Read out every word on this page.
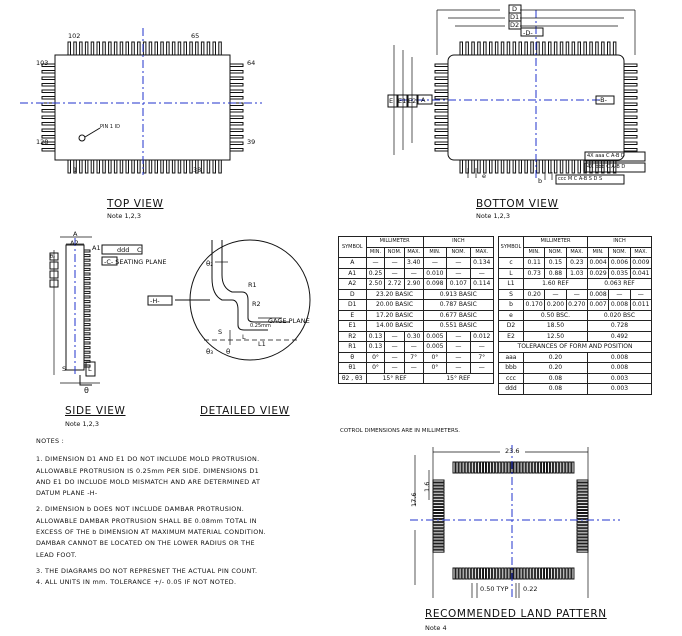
102	65
103	64
128	39
1	38
PIN 1 ID
TOP VIEW
Note 1,2,3
D
D1
D2
-D-
E E1 E2 A	-B-
e
b
4X aaa C A-B D
4X bbb C A-B D
ccc M C A-B S D S
BOTTOM VIEW
Note 1,2,3
A
A2
A1	ddd
-C- SEATING PLANE
C
θ₂
S	L
θ
SIDE VIEW
Note 1,2,3
-H-
θ₂
R1
R2
0.25mm
GAGE PLANE
S
L
L1
θ₃ θ
DETAILED VIEW
SYMBOL	MILLIMETER			INCH		
	MIN.	NOM.	MAX.	MIN.	NOM.	MAX.
A	—	—	3.40	—	—	0.134
A1	0.25	—	—	0.010	—	—
A2	2.50	2.72	2.90	0.098	0.107	0.114
D	23.20 BASIC			0.913 BASIC		
D1	20.00 BASIC			0.787 BASIC		
E	17.20 BASIC			0.677 BASIC		
E1	14.00 BASIC			0.551 BASIC		
R2	0.13	—	0.30	0.005	—	0.012
R1	0.13	—	—	0.005	—	—
θ	0°	—	7°	0°	—	7°
θ1	0°	—	—	0°	—	—
θ2 , θ3	15° REF			15° REF		
SYMBOL	MILLIMETER			INCH		
	MIN.	NOM.	MAX.	MIN.	NOM.	MAX.
c	0.11	0.15	0.23	0.004	0.006	0.009
L	0.73	0.88	1.03	0.029	0.035	0.041
L1	1.60 REF			0.063 REF		
S	0.20	—	—	0.008	—	—
b	0.170	0.200	0.270	0.007	0.008	0.011
e	0.50 BSC.			0.020 BSC		
D2	18.50			0.728		
E2	12.50			0.492		
TOLERANCES OF FORM AND POSITION						
aaa	0.20			0.008		
bbb	0.20			0.008		
ccc	0.08			0.003		
ddd	0.08			0.003		
COTROL DIMENSIONS ARE IN MILLIMETERS.
NOTES :
1. DIMENSION D1 AND E1 DO NOT INCLUDE MOLD PROTRUSION.
ALLOWABLE PROTRUSION IS 0.25mm PER SIDE. DIMENSIONS D1
AND E1 DO INCLUDE MOLD MISMATCH AND ARE DETERMINED AT
DATUM PLANE -H-

2. DIMENSION b DOES NOT INCLUDE DAMBAR PROTRUSION.
ALLOWABLE DAMBAR PROTRUSION SHALL BE 0.08mm TOTAL IN
EXCESS OF THE b DIMENSION AT MAXIMUM MATERIAL CONDITION.
DAMBAR CANNOT BE LOCATED ON THE LOWER RADIUS OR THE
LEAD FOOT.

3. THE DIAGRAMS DO NOT REPRESNET THE ACTUAL PIN COUNT.
4. ALL UNITS IN mm. TOLERANCE +/- 0.05 IF NOT NOTED.
23.6
17.6
1.6
0.50 TYP 0.22
RECOMMENDED LAND PATTERN
Note 4
